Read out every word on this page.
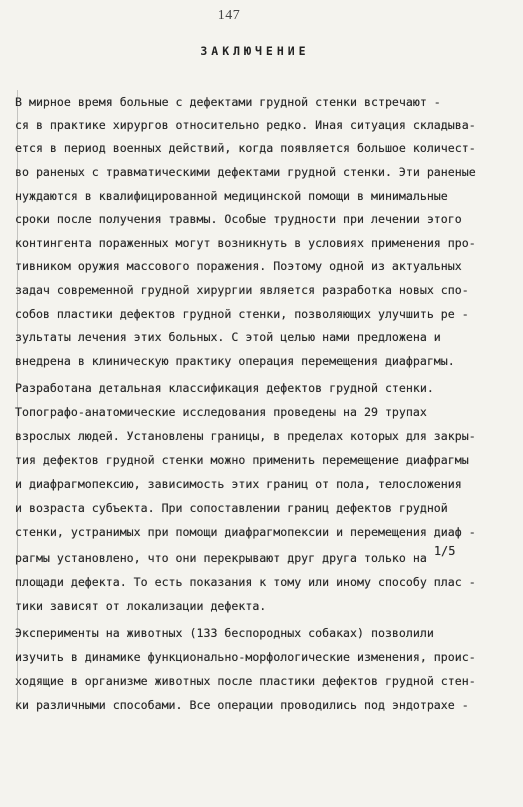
147
ЗАКЛЮЧЕНИЕ
В мирное время больные с дефектами грудной стенки встречают -
ся в практике хирургов относительно редко. Иная ситуация складыва-
ется в период военных действий, когда появляется большое количест-
во раненых с травматическими дефектами грудной стенки. Эти раненые
нуждаются в квалифицированной медицинской помощи в минимальные
сроки после получения травмы. Особые трудности при лечении этого
контингента пораженных могут возникнуть в условиях применения про-
тивником оружия массового поражения. Поэтому одной из актуальных
задач современной грудной хирургии является разработка новых спо-
собов пластики дефектов грудной стенки, позволяющих улучшить ре -
зультаты лечения этих больных. С этой целью нами предложена и
внедрена в клиническую практику операция перемещения диафрагмы.
Разработана детальная классификация дефектов грудной стенки.
Топографо-анатомические исследования проведены на 29 трупах
взрослых людей. Установлены границы, в пределах которых для закры-
тия дефектов грудной стенки можно применить перемещение диафрагмы
и диафрагмопексию, зависимость этих границ от пола, телосложения
и возраста субъекта. При сопоставлении границ дефектов грудной
стенки, устранимых при помощи диафрагмопексии и перемещения диаф -
рагмы установлено, что они перекрывают друг друга только на 1/5
площади дефекта. То есть показания к тому или иному способу плас -
тики зависят от локализации дефекта.
Эксперименты на животных (133 беспородных собаках) позволили
изучить в динамике функционально-морфологические изменения, проис-
ходящие в организме животных после пластики дефектов грудной стен-
ки различными способами. Все операции проводились под эндотрахе -
